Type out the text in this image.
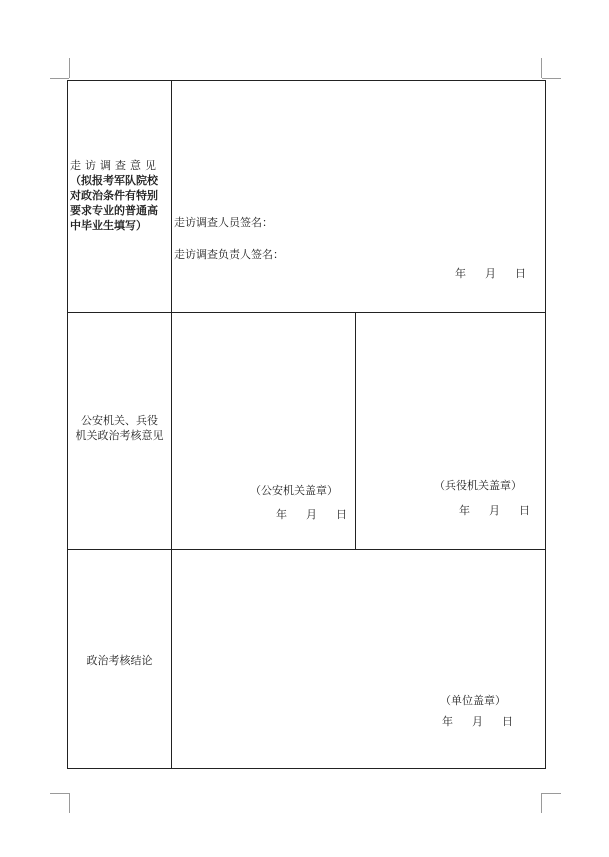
走访调查意见
（拟报考军队院校
对政治条件有特别
要求专业的普通高
中毕业生填写）	走访调查人员签名：
走访调查负责人签名：
年  月  日
公安机关、兵役
机关政治考核意见
（公安机关盖章）
年  月  日
（兵役机关盖章）
年  月  日
政治考核结论
（单位盖章）
年  月  日
